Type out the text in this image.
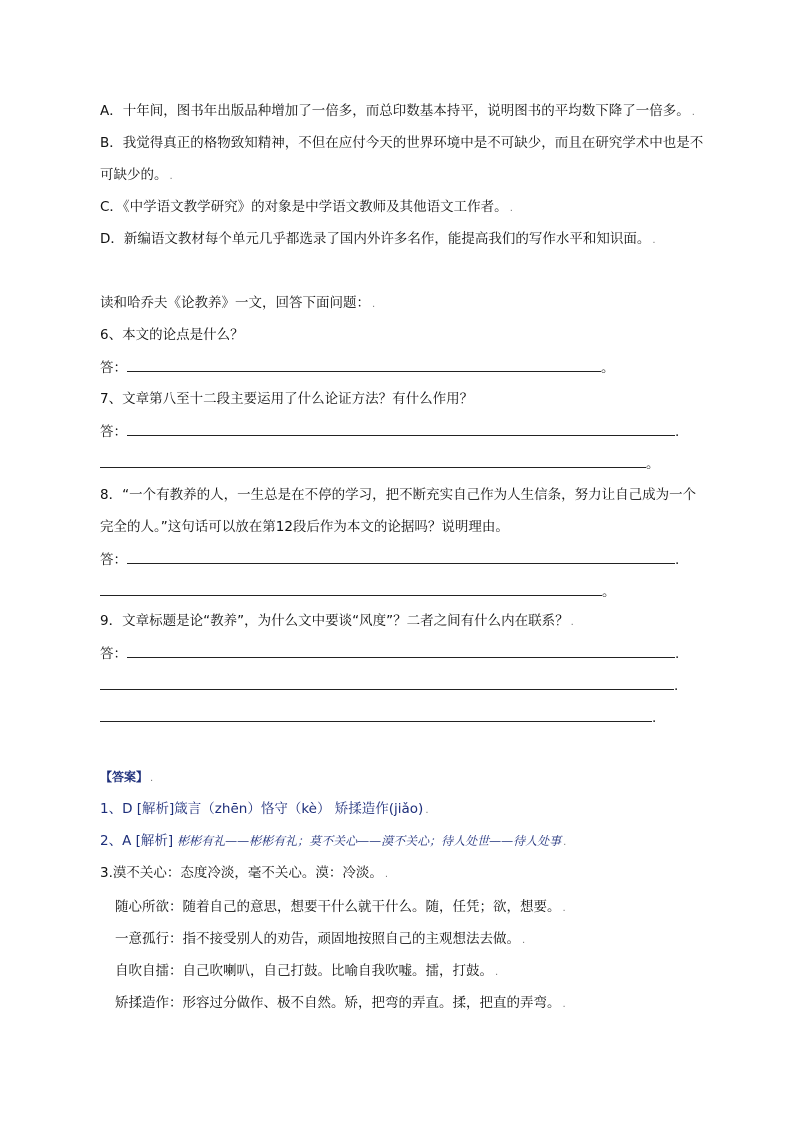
A．十年间，图书年出版品种增加了一倍多，而总印数基本持平，说明图书的平均数下降了一倍多。 .
B．我觉得真正的格物致知精神，不但在应付今天的世界环境中是不可缺少，而且在研究学术中也是不
可缺少的。 .
C．《中学语文教学研究》的对象是中学语文教师及其他语文工作者。 .
D．新编语文教材每个单元几乎都选录了国内外许多名作，能提高我们的写作水平和知识面。 .
读和哈乔夫《论教养》一文，回答下面问题： .
6、本文的论点是什么？
答：	。
7、文章第八至十二段主要运用了什么论证方法？有什么作用？
答：	.
。
8．“一个有教养的人，一生总是在不停的学习，把不断充实自己作为人生信条，努力让自己成为一个
完全的人。”这句话可以放在第12段后作为本文的论据吗？说明理由。
答：	.
。
9．文章标题是论“教养”，为什么文中要谈“风度”？二者之间有什么内在联系？ .
答：	.
.
.
【答案】 .
1、D [解析]箴言（zhēn）恪守（kè） 矫揉造作(jiǎo) .
2、A [解析] 彬彬有礼——彬彬有礼；莫不关心——漠不关心；待人处世——待人处事 .
3.漠不关心：态度冷淡，毫不关心。漠：冷淡。 .
随心所欲：随着自己的意思，想要干什么就干什么。随，任凭；欲，想要。 .
一意孤行：指不接受别人的劝告，顽固地按照自己的主观想法去做。 .
自吹自擂：自己吹喇叭，自己打鼓。比喻自我吹嘘。擂，打鼓。 .
矫揉造作：形容过分做作、极不自然。矫，把弯的弄直。揉，把直的弄弯。 .
